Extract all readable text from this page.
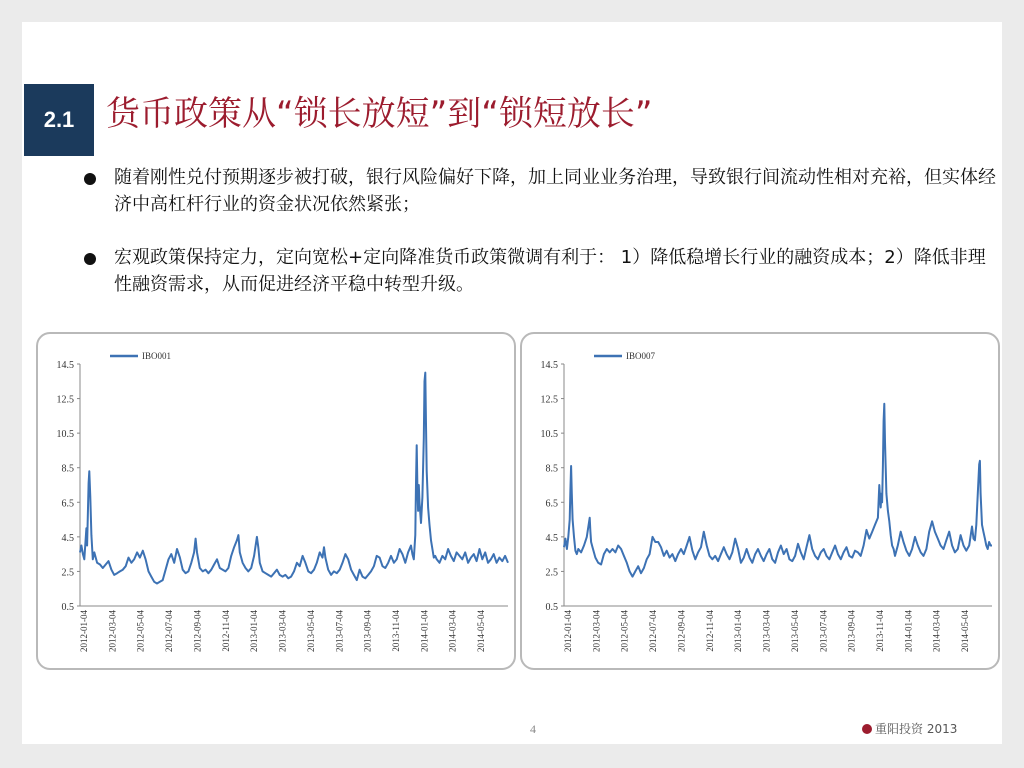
2.1 货币政策从“锁长放短”到“锁短放长”
随着刚性兑付预期逐步被打破，银行风险偏好下降，加上同业业务治理，导致银行间流动性相对充裕，但实体经济中高杠杆行业的资金状况依然紧张；
宏观政策保持定力，定向宽松+定向降准货币政策微调有利于： 1）降低稳增长行业的融资成本；2）降低非理性融资需求，从而促进经济平稳中转型升级。
14.5
12.5
10.5
8.5
6.5
4.5
2.5
0.5
2012-01-04 2012-03-04 2012-05-04 2012-07-04 2012-09-04 2012-11-04 2013-01-04 2013-03-04 2013-05-04 2013-07-04 2013-09-04 2013-11-04 2014-01-04 2014-03-04 2014-05-04
IBO001
14.5
12.5
10.5
8.5
6.5
4.5
2.5
0.5
2012-01-04 2012-03-04 2012-05-04 2012-07-04 2012-09-04 2012-11-04 2013-01-04 2013-03-04 2013-05-04 2013-07-04 2013-09-04 2013-11-04 2014-01-04 2014-03-04 2014-05-04
IBO007
4	重阳投资 2013
